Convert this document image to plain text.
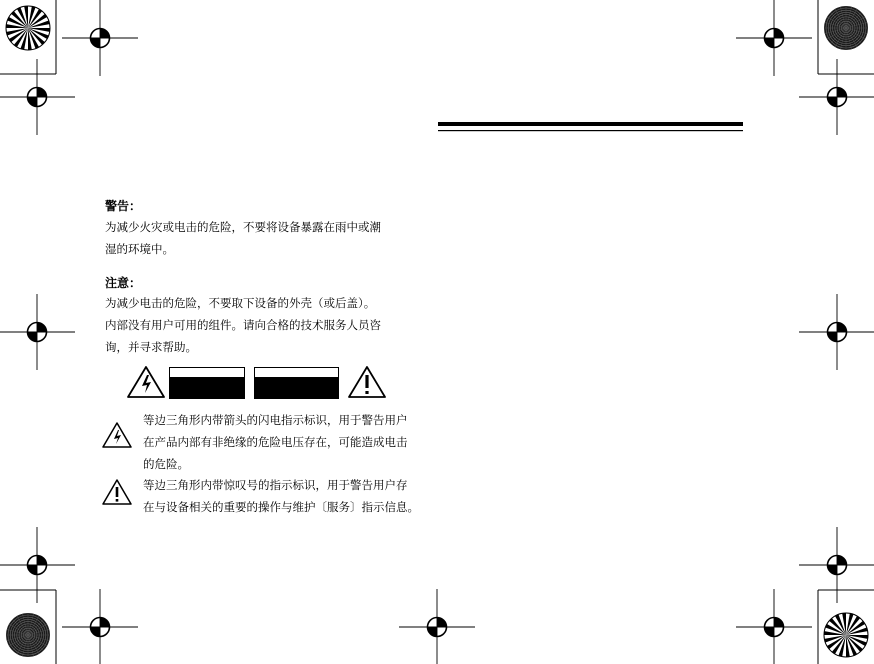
警告：
为减少火灾或电击的危险，不要将设备暴露在雨中或潮
湿的环境中。
注意：
为减少电击的危险，不要取下设备的外壳（或后盖）。
内部没有用户可用的组件。请向合格的技术服务人员咨
询，并寻求帮助。
等边三角形内带箭头的闪电指示标识，用于警告用户
在产品内部有非绝缘的危险电压存在，可能造成电击
的危险。
等边三角形内带惊叹号的指示标识，用于警告用户存
在与设备相关的重要的操作与维护〔服务〕指示信息。
